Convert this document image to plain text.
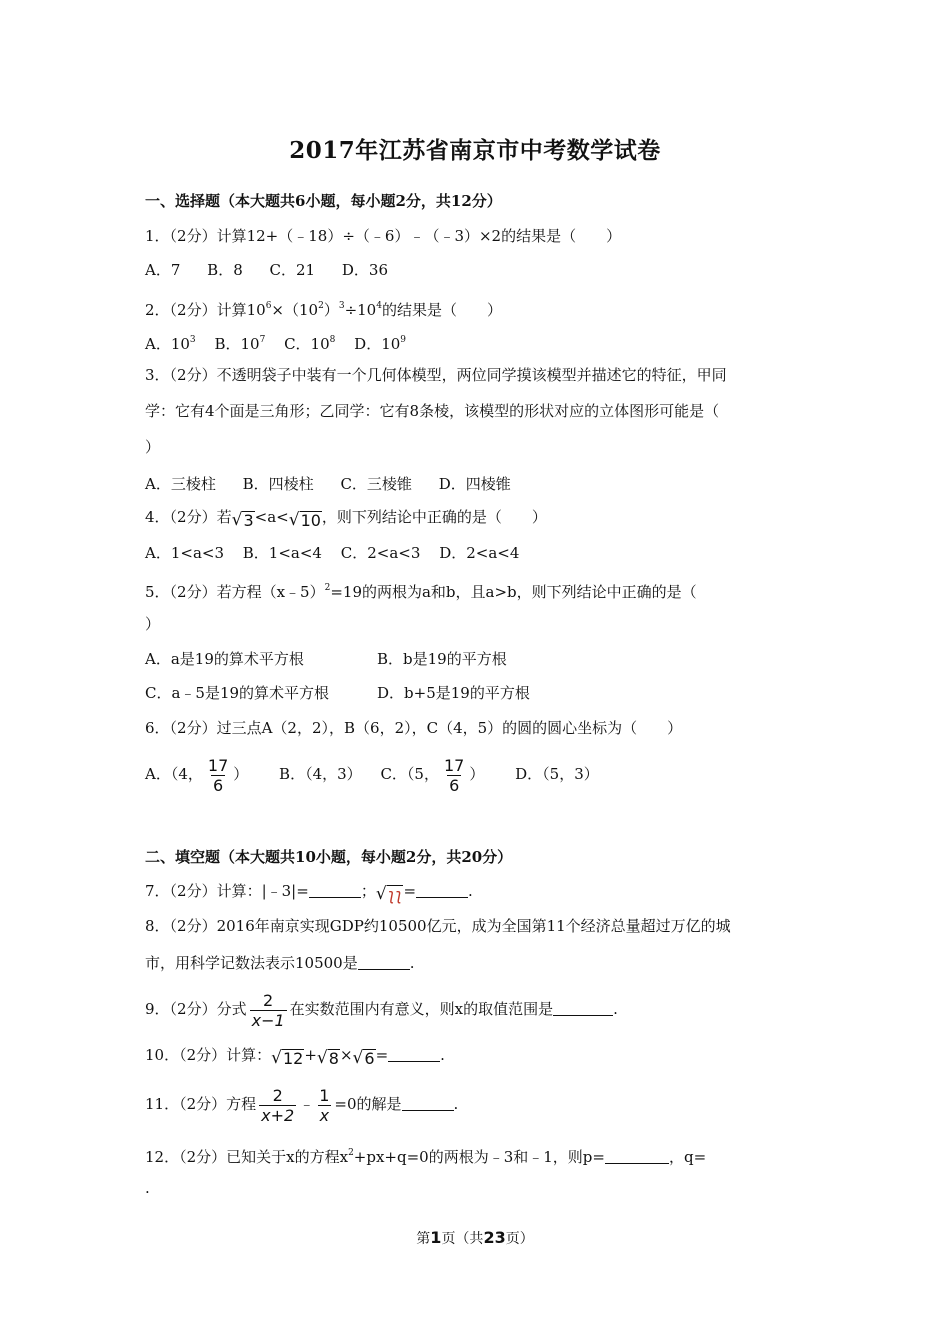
2017年江苏省南京市中考数学试卷
一、选择题（本大题共6小题，每小题2分，共12分）
1．（2分）计算12+（﹣18）÷（﹣6）﹣（﹣3）×2的结果是（　　）
A．7 B．8 C．21 D．36
2．（2分）计算$10^6\times(10^2)^3\div 10^4$的结果是（　　）
A．$10^3$ B．$10^7$ C．$10^8$ D．$10^9$
3．（2分）不透明袋子中装有一个几何体模型，两位同学摸该模型并描述它的特征，甲同
学：它有4个面是三角形；乙同学：它有8条棱，该模型的形状对应的立体图形可能是（
）
A．三棱柱 B．四棱柱 C．三棱锥 D．四棱锥
4．（2分）若 √ 3 <a< √ 10 ，则下列结论中正确的是（　　）
A．1<a<3 B．1<a<4 C．2<a<3 D．2<a<4
5．（2分）若方程（x﹣5）$^2$=19的两根为a和b，且a>b，则下列结论中正确的是（
）
A．a是19的算术平方根	B．b是19的平方根
C．a﹣5是19的算术平方根	D．b+5是19的平方根
6．（2分）过三点A（2，2），B（6，2），C（4，5）的圆的圆心坐标为（　　）
A．（4， $\frac{17}{6}$ ） B．（4，3） C．（5， $\frac{17}{6}$ ） D．（5，3）
二、填空题（本大题共10小题，每小题2分，共20分）
7．（2分）计算：|﹣3|=	； √ ʅʅ =	.
8．（2分）2016年南京实现GDP约10500亿元，成为全国第11个经济总量超过万亿的城
市，用科学记数法表示10500是	.
9．（2分）分式 $\frac{2}{x-1}$ 在实数范围内有意义，则x的取值范围是	.
10．（2分）计算： √ 12 + √ 8 × √ 6 =	.
11．（2分）方程 $\frac{2}{x+2}$ ﹣ $\frac{1}{x} =0$的解是	.
12．（2分）已知关于x的方程$x^2+px+q=0$的两根为﹣3和﹣1，则p=	，q=
.
第1页（共23页）
